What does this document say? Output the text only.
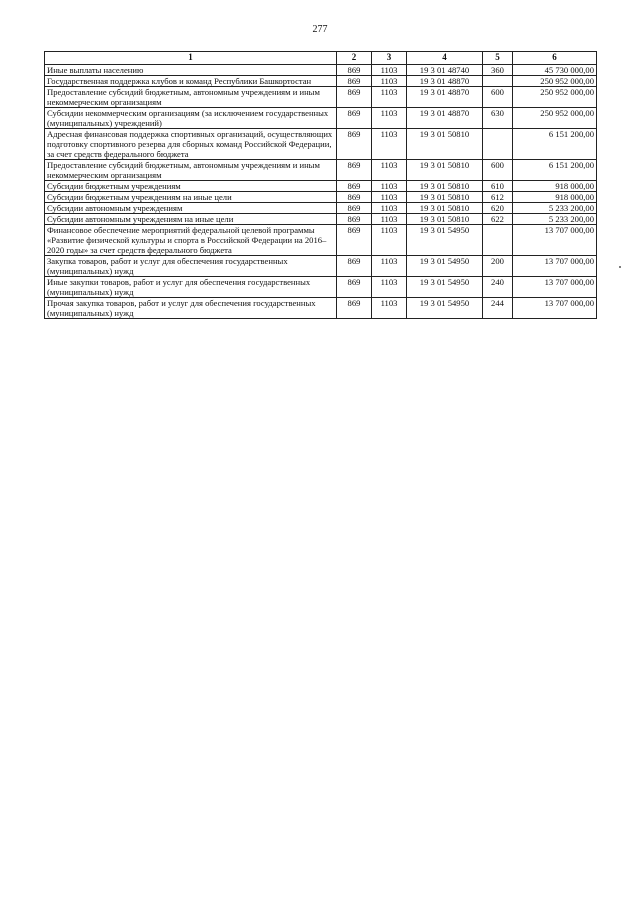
277
1	2	3	4	5	6
Иные выплаты населению	869	1103	19 3 01 48740	360	45 730 000,00
Государственная поддержка клубов и команд Республики Башкортостан	869	1103	19 3 01 48870		250 952 000,00
Предоставление субсидий бюджетным, автономным учреждениям и иным некоммерческим организациям	869	1103	19 3 01 48870	600	250 952 000,00
Субсидии некоммерческим организациям (за исключением государственных (муниципальных) учреждений)	869	1103	19 3 01 48870	630	250 952 000,00
Адресная финансовая поддержка спортивных организаций, осуществляющих подготовку спортивного резерва для сборных команд Российской Федерации, за счет средств федерального бюджета	869	1103	19 3 01 50810		6 151 200,00
Предоставление субсидий бюджетным, автономным учреждениям и иным некоммерческим организациям	869	1103	19 3 01 50810	600	6 151 200,00
Субсидии бюджетным учреждениям	869	1103	19 3 01 50810	610	918 000,00
Субсидии бюджетным учреждениям на иные цели	869	1103	19 3 01 50810	612	918 000,00
Субсидии автономным учреждениям	869	1103	19 3 01 50810	620	5 233 200,00
Субсидии автономным учреждениям на иные цели	869	1103	19 3 01 50810	622	5 233 200,00
Финансовое обеспечение мероприятий федеральной целевой программы «Развитие физической культуры и спорта в Российской Федерации на 2016–2020 годы» за счет средств федерального бюджета	869	1103	19 3 01 54950		13 707 000,00
Закупка товаров, работ и услуг для обеспечения государственных (муниципальных) нужд	869	1103	19 3 01 54950	200	13 707 000,00
Иные закупки товаров, работ и услуг для обеспечения государственных (муниципальных) нужд	869	1103	19 3 01 54950	240	13 707 000,00
Прочая закупка товаров, работ и услуг для обеспечения государственных (муниципальных) нужд	869	1103	19 3 01 54950	244	13 707 000,00
